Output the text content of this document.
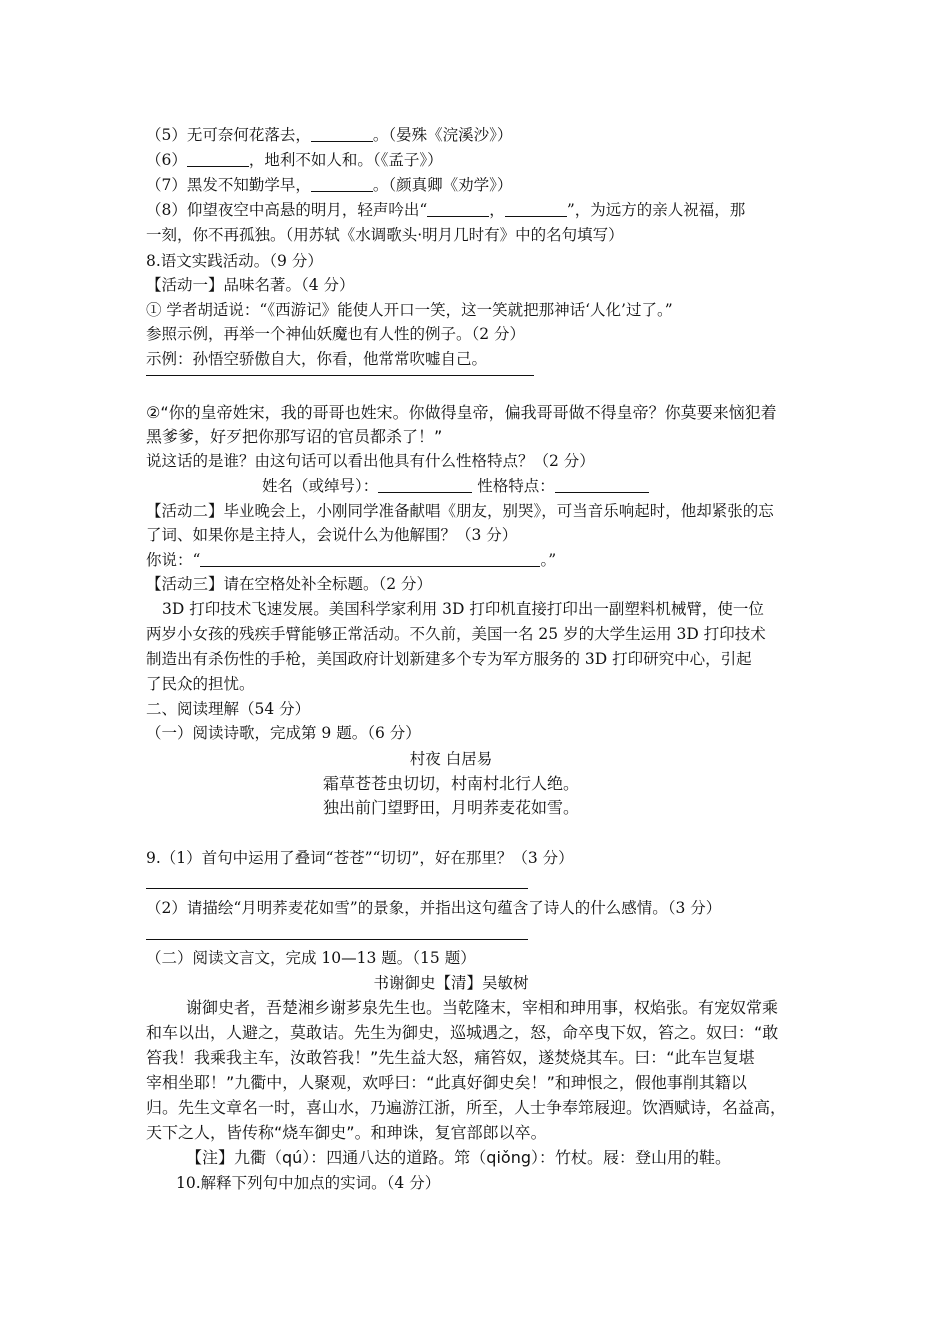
（5）无可奈何花落去，	。（晏殊《浣溪沙》）
（6）	，地利不如人和。（《孟子》）
（7）黑发不知勤学早，	。（颜真卿《劝学》）
（8）仰望夜空中高悬的明月，轻声吟出“	，	”，为远方的亲人祝福，那
一刻，你不再孤独。（用苏轼《水调歌头·明月几时有》中的名句填写）
8.语文实践活动。（9 分）
【活动一】品味名著。（4 分）
① 学者胡适说：“《西游记》能使人开口一笑，这一笑就把那神话‘人化’过了。”
参照示例，再举一个神仙妖魔也有人性的例子。（2 分）
示例：孙悟空骄傲自大，你看，他常常吹嘘自己。
②“你的皇帝姓宋，我的哥哥也姓宋。你做得皇帝，偏我哥哥做不得皇帝？你莫要来恼犯着
黑爹爹，好歹把你那写诏的官员都杀了！”
说这话的是谁？由这句话可以看出他具有什么性格特点？（2 分）
姓名（或绰号）：	性格特点：
【活动二】毕业晚会上，小刚同学准备献唱《朋友，别哭》，可当音乐响起时，他却紧张的忘
了词、如果你是主持人，会说什么为他解围？（3 分）
你说：“	。”
【活动三】请在空格处补全标题。（2 分）
3D 打印技术飞速发展。美国科学家利用 3D 打印机直接打印出一副塑料机械臂，使一位
两岁小女孩的残疾手臂能够正常活动。不久前，美国一名 25 岁的大学生运用 3D 打印技术
制造出有杀伤性的手枪，美国政府计划新建多个专为军方服务的 3D 打印研究中心，引起
了民众的担忧。
二、阅读理解（54 分）
（一）阅读诗歌，完成第 9 题。（6 分）
村夜 白居易
霜草苍苍虫切切，村南村北行人绝。
独出前门望野田，月明荞麦花如雪。
9.（1）首句中运用了叠词“苍苍”“切切”，好在那里？（3 分）
（2）请描绘“月明荞麦花如雪”的景象，并指出这句蕴含了诗人的什么感情。（3 分）
（二）阅读文言文，完成 10—13 题。（15 题）
书谢御史【清】吴敏树
谢御史者，吾楚湘乡谢芗泉先生也。当乾隆末，宰相和珅用事，权焰张。有宠奴常乘
和车以出，人避之，莫敢诘。先生为御史，巡城遇之，怒，命卒曳下奴，笞之。奴曰：“敢
笞我！我乘我主车，汝敢笞我！”先生益大怒，痛笞奴，遂焚烧其车。曰：“此车岂复堪
宰相坐耶！”九衢中，人聚观，欢呼曰：“此真好御史矣！”和珅恨之，假他事削其籍以
归。先生文章名一时，喜山水，乃遍游江浙，所至，人士争奉筇屐迎。饮酒赋诗，名益高，
天下之人，皆传称“烧车御史”。和珅诛，复官部郎以卒。
【注】九衢（qú）：四通八达的道路。筇（qiǒng）：竹杖。屐：登山用的鞋。
10.解释下列句中加点的实词。（4 分）
